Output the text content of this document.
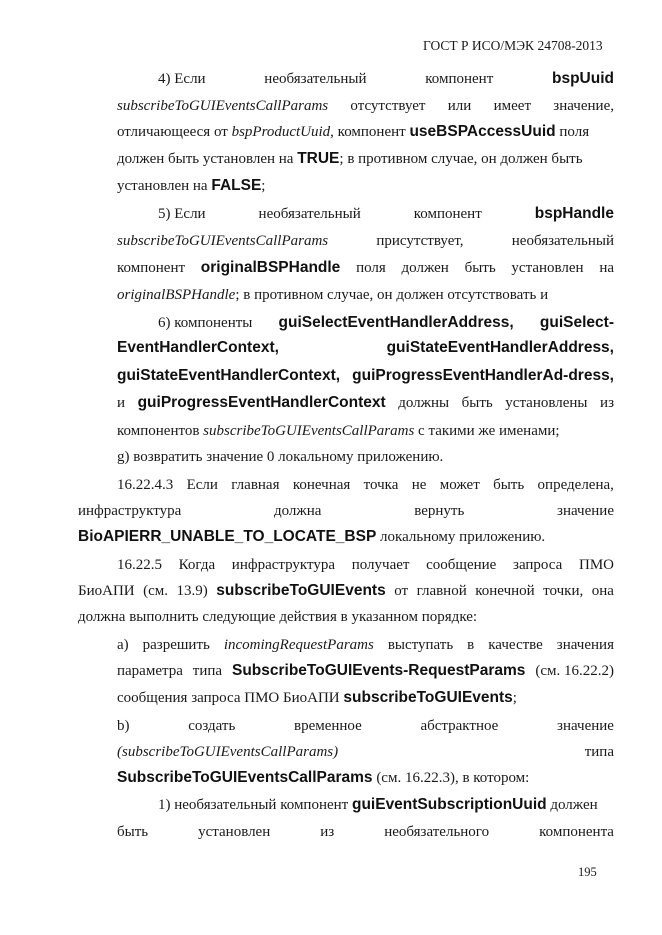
ГОСТ Р ИСО/МЭК 24708-2013
4) Если	необязательный	компонент	bspUuid
subscribeToGUIEventsCallParams отсутствует или имеет значение,
отличающееся от bspProductUuid, компонент useBSPAccessUuid поля
должен быть установлен на TRUE; в противном случае, он должен быть
установлен на FALSE;
5) Если	необязательный	компонент	bspHandle
subscribeToGUIEventsCallParams	присутствует,	необязательный
компонент originalBSPHandle поля должен быть установлен на
originalBSPHandle; в противном случае, он должен отсутствовать и
6) компоненты guiSelectEventHandlerAddress, guiSelect-
EventHandlerContext,	guiStateEventHandlerAddress,
guiStateEventHandlerContext, guiProgressEventHandlerAd-dress,
и guiProgressEventHandlerContext должны быть установлены из
компонентов subscribeToGUIEventsCallParams с такими же именами;
g) возвратить значение 0 локальному приложению.
16.22.4.3 Если главная конечная точка не может быть определена,
инфраструктура	должна	вернуть	значение
BioAPIERR_UNABLE_TO_LOCATE_BSP локальному приложению.
16.22.5 Когда инфраструктура получает сообщение запроса ПМО
БиоАПИ (см. 13.9) subscribeToGUIEvents от главной конечной точки, она
должна выполнить следующие действия в указанном порядке:
a) разрешить incomingRequestParams выступать в качестве значения
параметра типа SubscribeToGUIEvents-RequestParams (см. 16.22.2)
сообщения запроса ПМО БиоАПИ subscribeToGUIEvents;
b)	создать	временное	абстрактное	значение
(subscribeToGUIEventsCallParams)	типа
SubscribeToGUIEventsCallParams (см. 16.22.3), в котором:
1) необязательный компонент guiEventSubscriptionUuid должен
быть	установлен	из	необязательного	компонента
195
